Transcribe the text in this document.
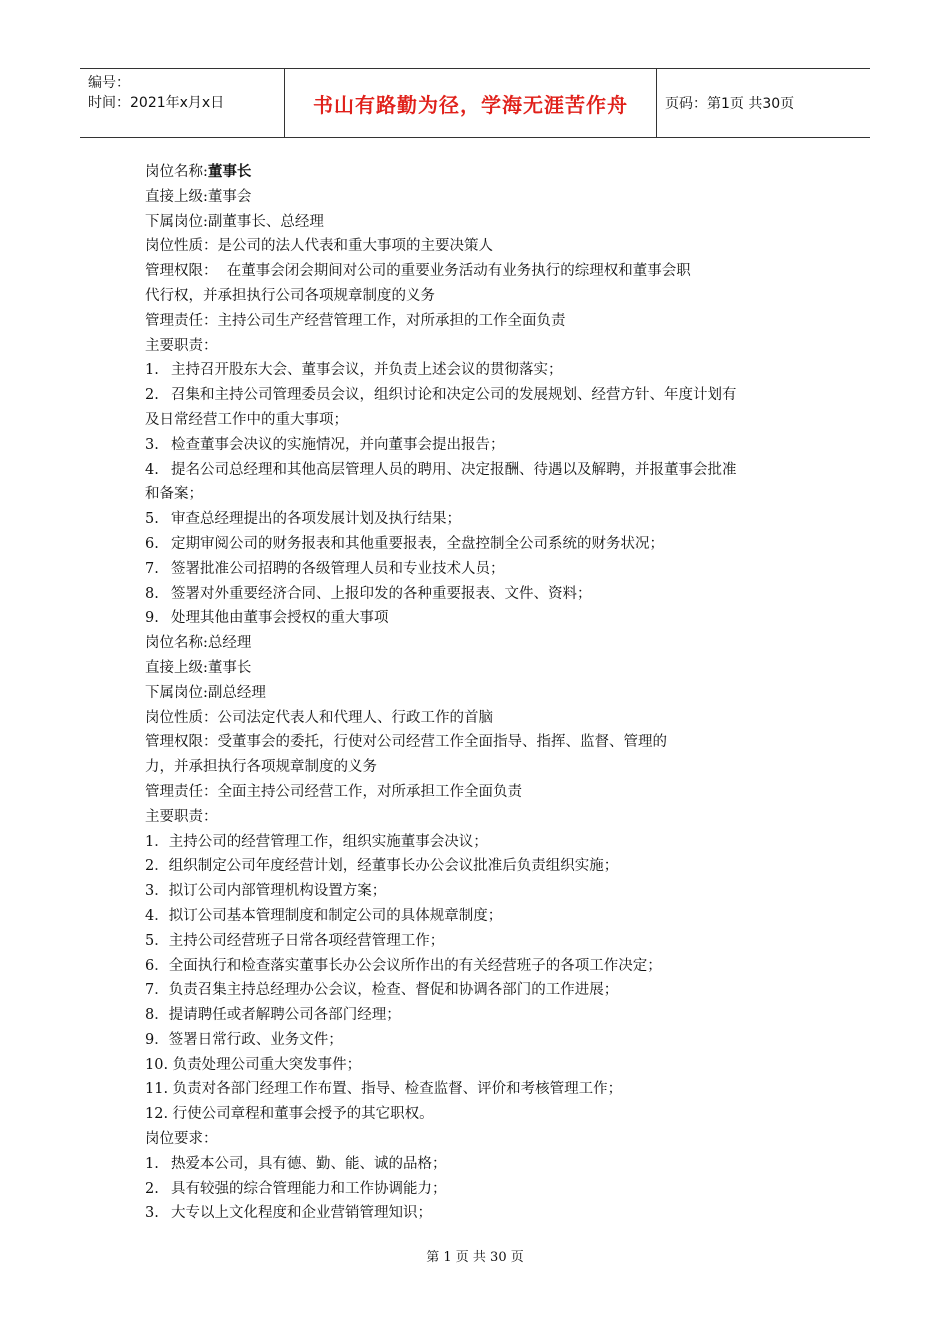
编号：
时间：2021年x月x日	书山有路勤为径，学海无涯苦作舟	页码：第1页 共30页
岗位名称:董事长
直接上级:董事会
下属岗位:副董事长、总经理
岗位性质：是公司的法人代表和重大事项的主要决策人
管理权限：  在董事会闭会期间对公司的重要业务活动有业务执行的综理权和董事会职
代行权，并承担执行公司各项规章制度的义务
管理责任：主持公司生产经营管理工作，对所承担的工作全面负责
主要职责：
1. 主持召开股东大会、董事会议，并负责上述会议的贯彻落实；
2. 召集和主持公司管理委员会议，组织讨论和决定公司的发展规划、经营方针、年度计划有
及日常经营工作中的重大事项；
3. 检查董事会决议的实施情况，并向董事会提出报告；
4. 提名公司总经理和其他高层管理人员的聘用、决定报酬、待遇以及解聘，并报董事会批准
和备案；
5. 审查总经理提出的各项发展计划及执行结果；
6. 定期审阅公司的财务报表和其他重要报表，全盘控制全公司系统的财务状况；
7. 签署批准公司招聘的各级管理人员和专业技术人员；
8. 签署对外重要经济合同、上报印发的各种重要报表、文件、资料；
9. 处理其他由董事会授权的重大事项
岗位名称:总经理
直接上级:董事长
下属岗位:副总经理
岗位性质：公司法定代表人和代理人、行政工作的首脑
管理权限：受董事会的委托，行使对公司经营工作全面指导、指挥、监督、管理的
力，并承担执行各项规章制度的义务
管理责任：全面主持公司经营工作，对所承担工作全面负责
主要职责：
1．主持公司的经营管理工作，组织实施董事会决议；
2．组织制定公司年度经营计划，经董事长办公会议批准后负责组织实施；
3．拟订公司内部管理机构设置方案；
4．拟订公司基本管理制度和制定公司的具体规章制度；
5．主持公司经营班子日常各项经营管理工作；
6．全面执行和检查落实董事长办公会议所作出的有关经营班子的各项工作决定；
7．负责召集主持总经理办公会议，检查、督促和协调各部门的工作进展；
8．提请聘任或者解聘公司各部门经理；
9．签署日常行政、业务文件；
10. 负责处理公司重大突发事件；
11. 负责对各部门经理工作布置、指导、检查监督、评价和考核管理工作；
12. 行使公司章程和董事会授予的其它职权。
岗位要求：
1. 热爱本公司，具有德、勤、能、诚的品格；
2. 具有较强的综合管理能力和工作协调能力；
3. 大专以上文化程度和企业营销管理知识；
第 1 页 共 30 页
